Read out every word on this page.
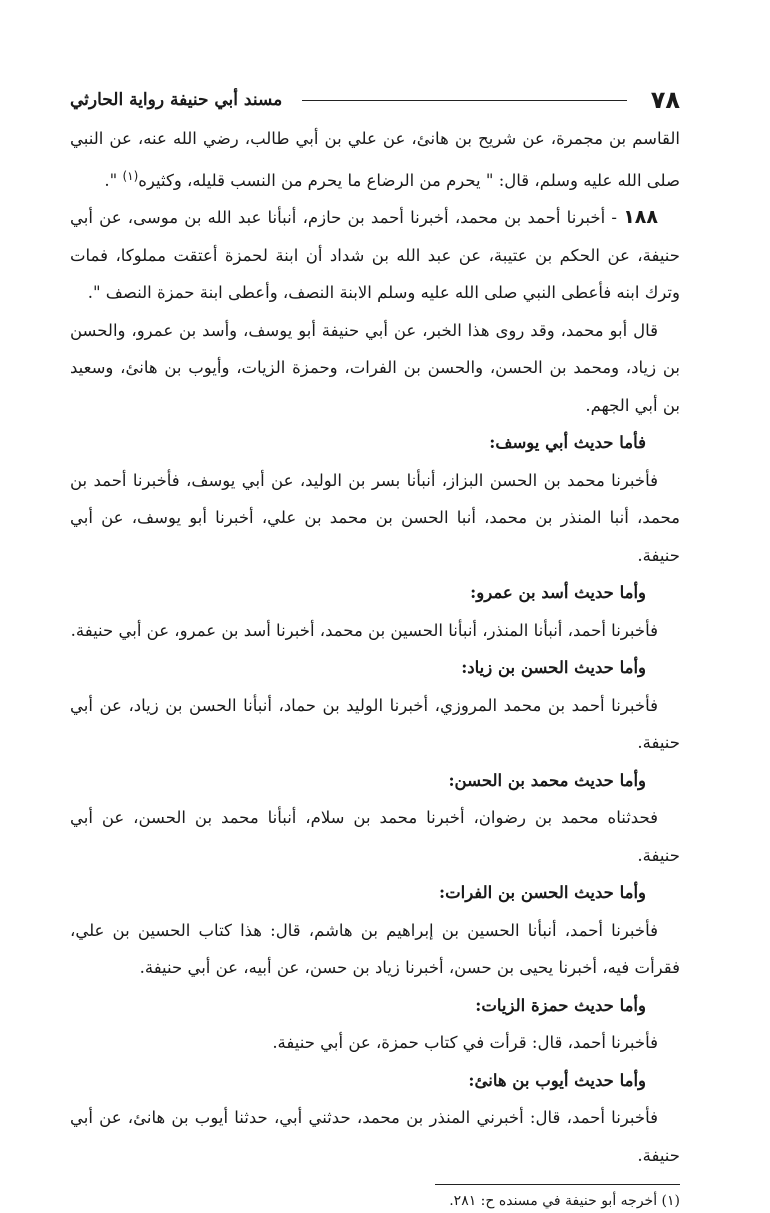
٧٨
مسند أبي حنيفة رواية الحارثي

القاسم بن مجمرة، عن شريح بن هانئ، عن علي بن أبي طالب، رضي الله عنه، عن النبي صلى الله عليه وسلم، قال: " يحرم من الرضاع ما يحرم من النسب قليله، وكثيره$^{(١)}$ ".

١٨٨ - أخبرنا أحمد بن محمد، أخبرنا أحمد بن حازم، أنبأنا عبد الله بن موسى، عن أبي حنيفة، عن الحكم بن عتيبة، عن عبد الله بن شداد أن ابنة لحمزة أعتقت مملوكا، فمات وترك ابنه فأعطى النبي صلى الله عليه وسلم الابنة النصف، وأعطى ابنة حمزة النصف ".

قال أبو محمد، وقد روى هذا الخبر، عن أبي حنيفة أبو يوسف، وأسد بن عمرو، والحسن بن زياد، ومحمد بن الحسن، والحسن بن الفرات، وحمزة الزيات، وأيوب بن هانئ، وسعيد بن أبي الجهم.

فأما حديث أبي يوسف:

فأخبرنا محمد بن الحسن البزاز، أنبأنا بسر بن الوليد، عن أبي يوسف، فأخبرنا أحمد بن محمد، أنبا المنذر بن محمد، أنبا الحسن بن محمد بن علي، أخبرنا أبو يوسف، عن أبي حنيفة.

وأما حديث أسد بن عمرو:

فأخبرنا أحمد، أنبأنا المنذر، أنبأنا الحسين بن محمد، أخبرنا أسد بن عمرو، عن أبي حنيفة.

وأما حديث الحسن بن زياد:

فأخبرنا أحمد بن محمد المروزي، أخبرنا الوليد بن حماد، أنبأنا الحسن بن زياد، عن أبي حنيفة.

وأما حديث محمد بن الحسن:

فحدثناه محمد بن رضوان، أخبرنا محمد بن سلام، أنبأنا محمد بن الحسن، عن أبي حنيفة.

وأما حديث الحسن بن الفرات:

فأخبرنا أحمد، أنبأنا الحسين بن إبراهيم بن هاشم، قال: هذا كتاب الحسين بن علي، فقرأت فيه، أخبرنا يحيى بن حسن، أخبرنا زياد بن حسن، عن أبيه، عن أبي حنيفة.

وأما حديث حمزة الزيات:

فأخبرنا أحمد، قال: قرأت في كتاب حمزة، عن أبي حنيفة.

وأما حديث أيوب بن هانئ:

فأخبرنا أحمد، قال: أخبرني المنذر بن محمد، حدثني أبي، حدثنا أيوب بن هانئ، عن أبي حنيفة.

(١) أخرجه أبو حنيفة في مسنده ح: ٢٨١.
